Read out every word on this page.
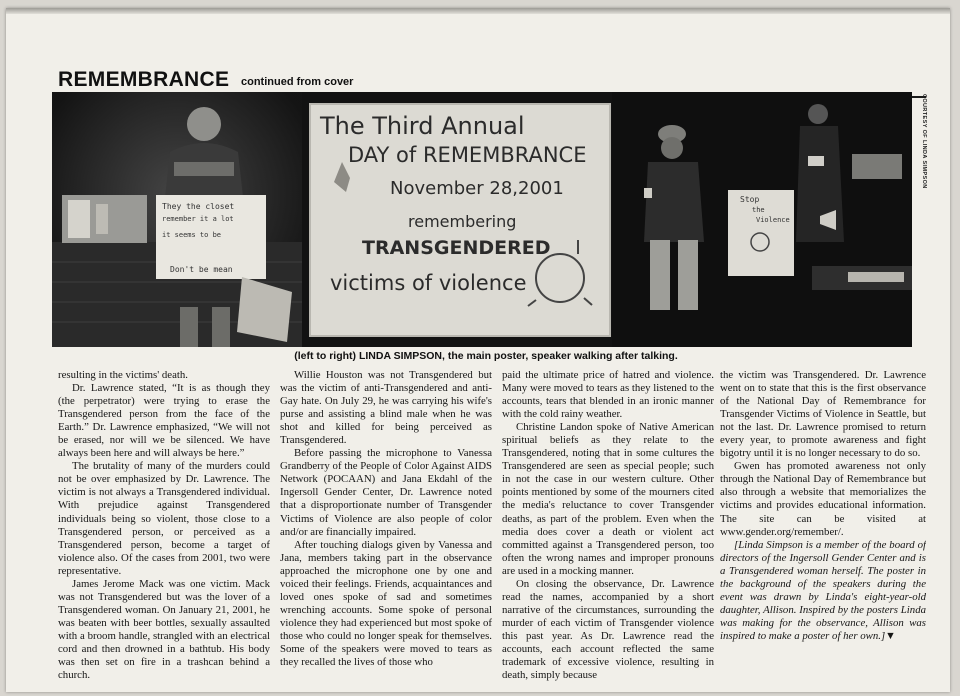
REMEMBRANCE continued from cover
They the closet
remember it a lot
it seems to be
Don't be mean
The Third Annual
DAY of REMEMBRANCE
November 28,2001
remembering
TRANSGENDERED
victims of violence
Stop
the
Violence
COURTESY OF LINDA SIMPSON
(left to right) LINDA SIMPSON, the main poster, speaker walking after talking.

resulting in the victims' death.

Dr. Lawrence stated, “It is as though they (the perpetrator) were trying to erase the Transgendered person from the face of the Earth.” Dr. Lawrence emphasized, “We will not be erased, nor will we be silenced. We have always been here and will always be here.”

The brutality of many of the murders could not be over emphasized by Dr. Lawrence. The victim is not always a Transgendered individual. With prejudice against Transgendered individuals being so violent, those close to a Transgendered person, or perceived as a Transgendered person, become a target of violence also. Of the cases from 2001, two were representative.

James Jerome Mack was one victim. Mack was not Transgendered but was the lover of a Transgendered woman. On January 21, 2001, he was beaten with beer bottles, sexually assaulted with a broom handle, strangled with an electrical cord and then drowned in a bathtub. His body was then set on fire in a trashcan behind a church.

Willie Houston was not Transgendered but was the victim of anti-Transgendered and anti-Gay hate. On July 29, he was carrying his wife's purse and assisting a blind male when he was shot and killed for being perceived as Transgendered.

Before passing the microphone to Vanessa Grandberry of the People of Color Against AIDS Network (POCAAN) and Jana Ekdahl of the Ingersoll Gender Center, Dr. Lawrence noted that a disproportionate number of Transgender Victims of Violence are also people of color and/or are financially impaired.

After touching dialogs given by Vanessa and Jana, members taking part in the observance approached the microphone one by one and voiced their feelings. Friends, acquaintances and loved ones spoke of sad and sometimes wrenching accounts. Some spoke of personal violence they had experienced but most spoke of those who could no longer speak for themselves. Some of the speakers were moved to tears as they recalled the lives of those who

paid the ultimate price of hatred and violence. Many were moved to tears as they listened to the accounts, tears that blended in an ironic manner with the cold rainy weather.

Christine Landon spoke of Native American spiritual beliefs as they relate to the Transgendered, noting that in some cultures the Transgendered are seen as special people; such in not the case in our western culture. Other points mentioned by some of the mourners cited the media's reluctance to cover Transgender deaths, as part of the problem. Even when the media does cover a death or violent act committed against a Transgendered person, too often the wrong names and improper pronouns are used in a mocking manner.

On closing the observance, Dr. Lawrence read the names, accompanied by a short narrative of the circumstances, surrounding the murder of each victim of Transgender violence this past year. As Dr. Lawrence read the accounts, each account reflected the same trademark of excessive violence, resulting in death, simply because

the victim was Transgendered. Dr. Lawrence went on to state that this is the first observance of the National Day of Remembrance for Transgender Victims of Violence in Seattle, but not the last. Dr. Lawrence promised to return every year, to promote awareness and fight bigotry until it is no longer necessary to do so.

Gwen has promoted awareness not only through the National Day of Remembrance but also through a website that memorializes the victims and provides educational information. The site can be visited at www.gender.org/remember/.

[Linda Simpson is a member of the board of directors of the Ingersoll Gender Center and is a Transgendered woman herself. The poster in the background of the speakers during the event was drawn by Linda's eight-year-old daughter, Allison. Inspired by the posters Linda was making for the observance, Allison was inspired to make a poster of her own.]▼
